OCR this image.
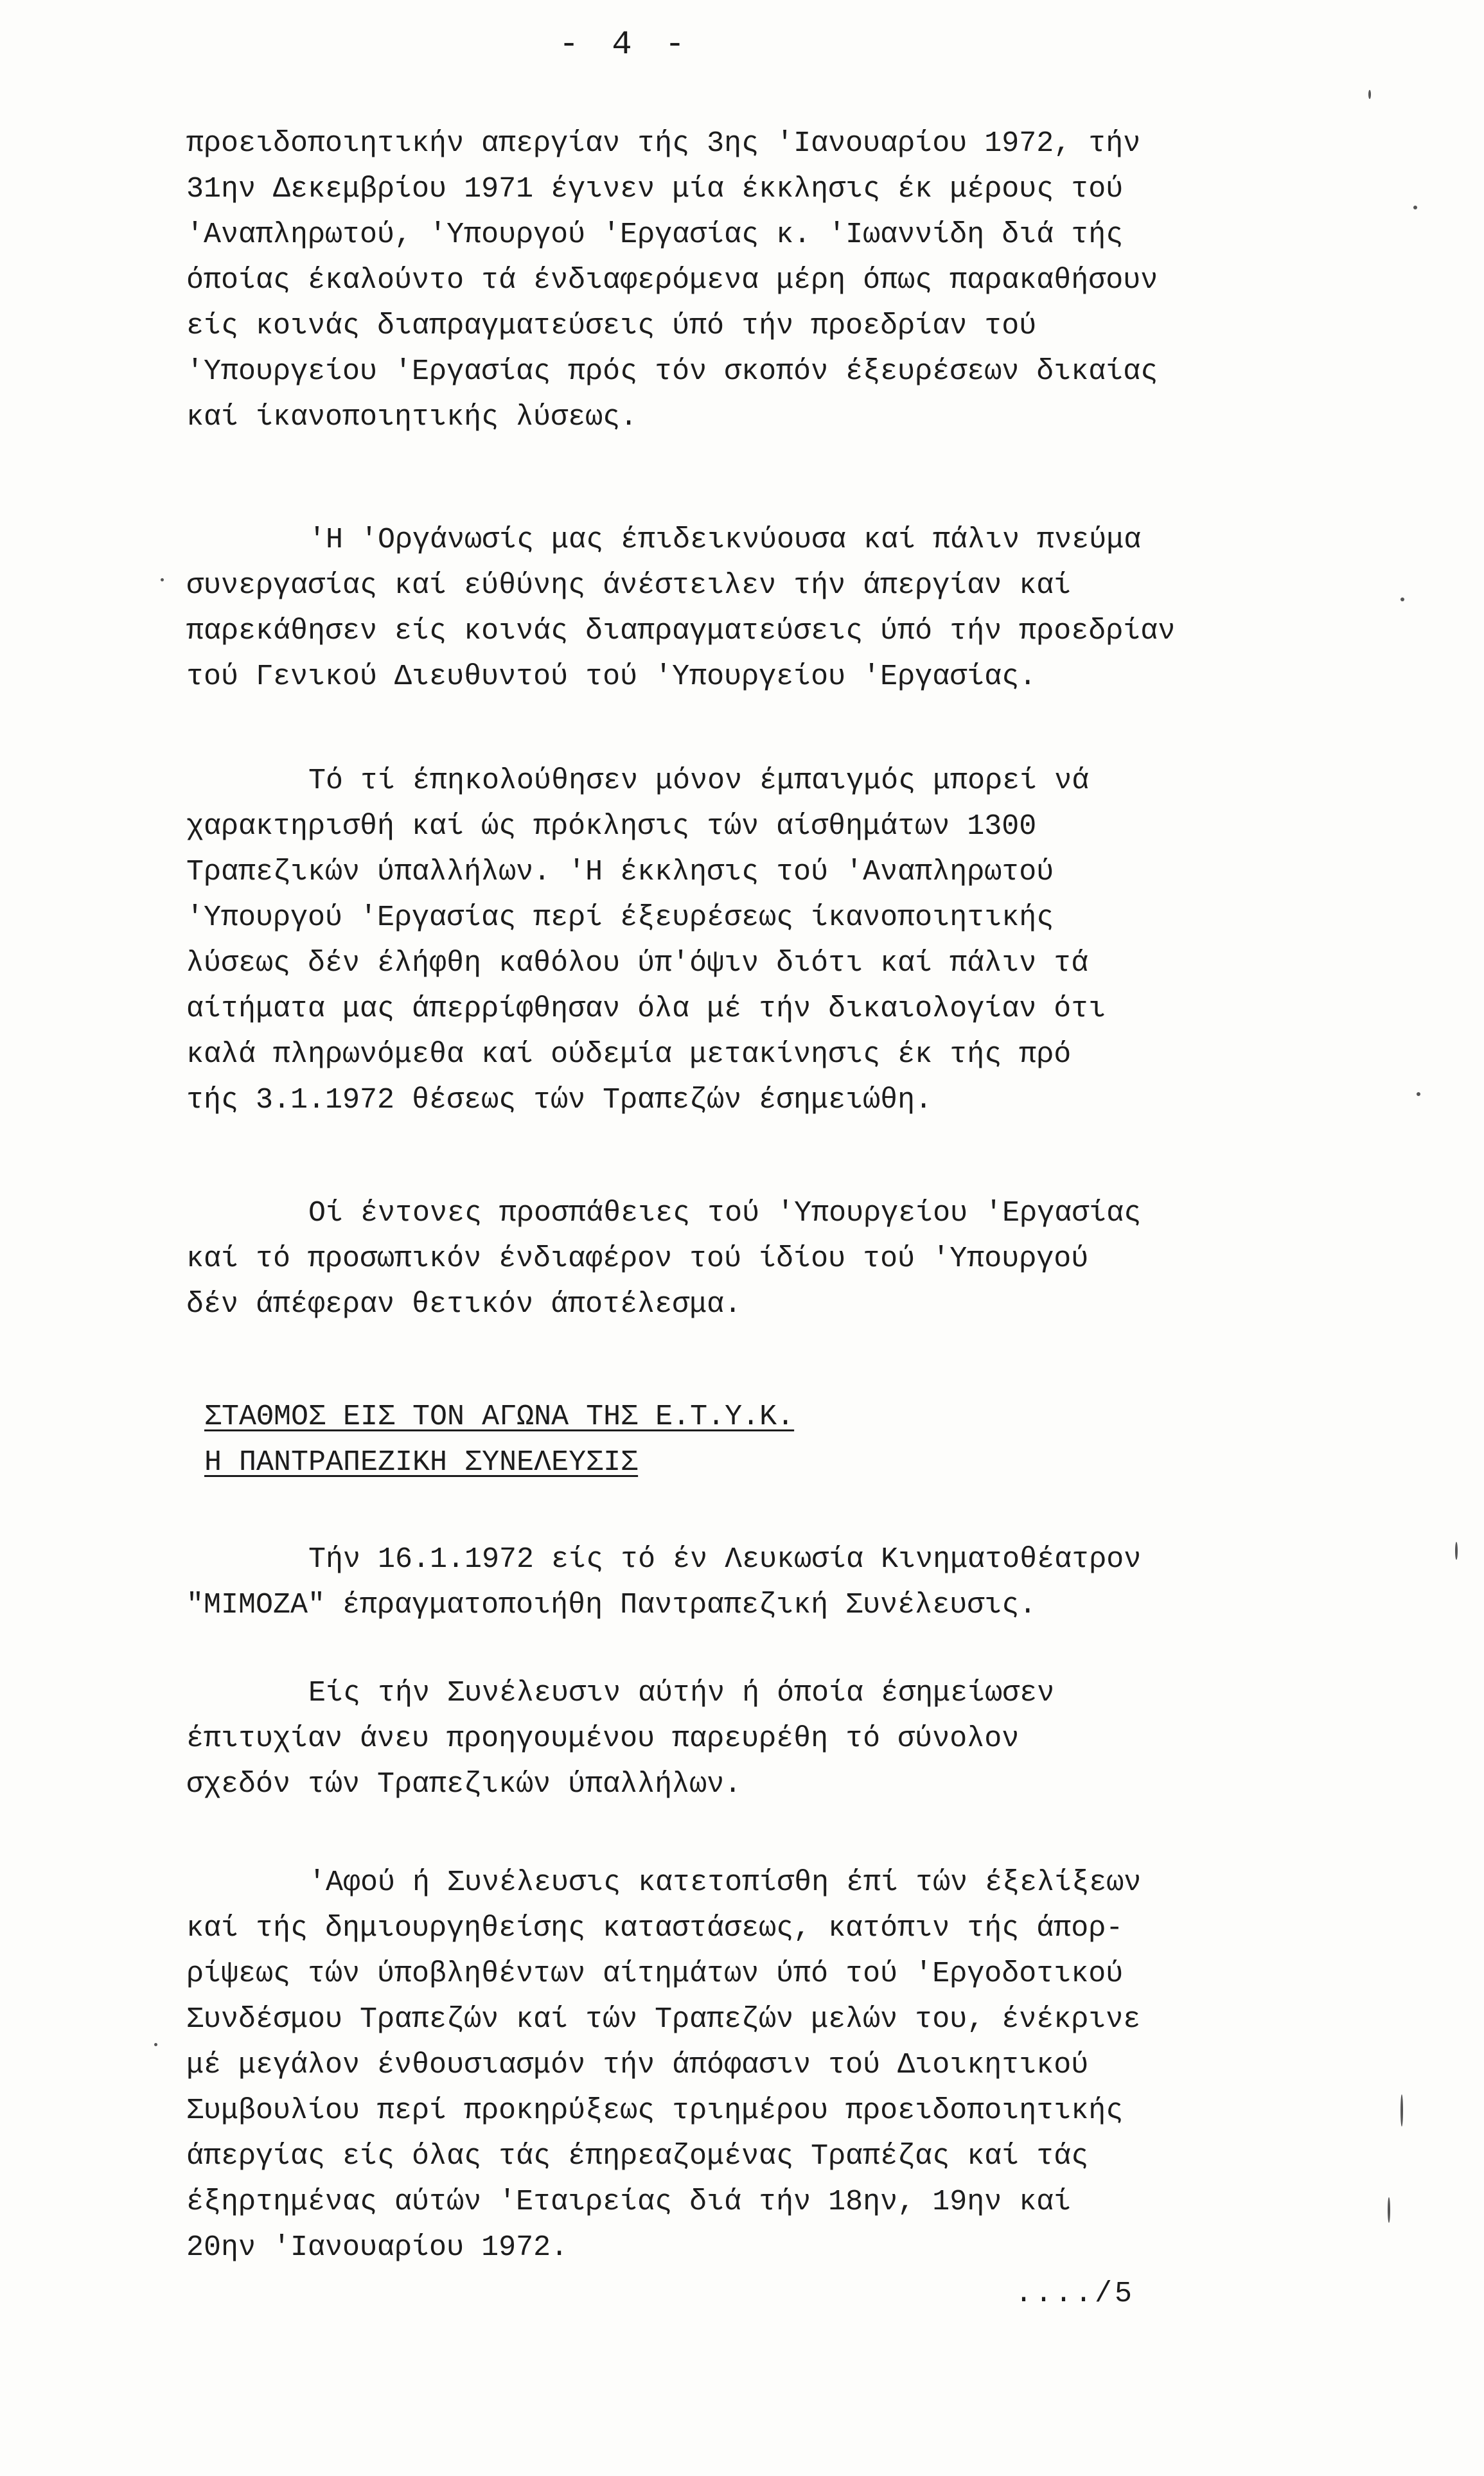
- 4 -
προειδοποιητικήν απεργίαν τής 3ης 'Ιανουαρίου 1972, τήν
31ην Δεκεμβρίου 1971 έγινεν μία έκκλησις έκ μέρους τού
'Αναπληρωτού, 'Υπουργού 'Εργασίας κ. 'Ιωαννίδη διά τής
όποίας έκαλούντο τά ένδιαφερόμενα μέρη όπως παρακαθήσουν
είς κοινάς διαπραγματεύσεις ύπό τήν προεδρίαν τού
'Υπουργείου 'Εργασίας πρός τόν σκοπόν έξευρέσεων δικαίας
καί ίκανοποιητικής λύσεως.
'Η 'Οργάνωσίς μας έπιδεικνύουσα καί πάλιν πνεύμα
συνεργασίας καί εύθύνης άνέστειλεν τήν άπεργίαν καί
παρεκάθησεν είς κοινάς διαπραγματεύσεις ύπό τήν προεδρίαν
τού Γενικού Διευθυντού τού 'Υπουργείου 'Εργασίας.
Τό τί έπηκολούθησεν μόνον έμπαιγμός μπορεί νά
χαρακτηρισθή καί ώς πρόκλησις τών αίσθημάτων 1300
Τραπεζικών ύπαλλήλων. 'Η έκκλησις τού 'Αναπληρωτού
'Υπουργού 'Εργασίας περί έξευρέσεως ίκανοποιητικής
λύσεως δέν έλήφθη καθόλου ύπ'όψιν διότι καί πάλιν τά
αίτήματα μας άπερρίφθησαν όλα μέ τήν δικαιολογίαν ότι
καλά πληρωνόμεθα καί ούδεμία μετακίνησις έκ τής πρό
τής 3.1.1972 θέσεως τών Τραπεζών έσημειώθη.
Οί έντονες προσπάθειες τού 'Υπουργείου 'Εργασίας
καί τό προσωπικόν ένδιαφέρον τού ίδίου τού 'Υπουργού
δέν άπέφεραν θετικόν άποτέλεσμα.
ΣΤΑΘΜΟΣ ΕΙΣ ΤΟΝ ΑΓΩΝΑ ΤΗΣ Ε.Τ.Υ.Κ.
Η ΠΑΝΤΡΑΠΕΖΙΚΗ ΣΥΝΕΛΕΥΣΙΣ
Τήν 16.1.1972 είς τό έν Λευκωσία Κινηματοθέατρον
"ΜΙΜΟΖΑ" έπραγματοποιήθη Παντραπεζική Συνέλευσις.
Είς τήν Συνέλευσιν αύτήν ή όποία έσημείωσεν
έπιτυχίαν άνευ προηγουμένου παρευρέθη τό σύνολον
σχεδόν τών Τραπεζικών ύπαλλήλων.
'Αφού ή Συνέλευσις κατετοπίσθη έπί τών έξελίξεων
καί τής δημιουργηθείσης καταστάσεως, κατόπιν τής άπορ-
ρίψεως τών ύποβληθέντων αίτημάτων ύπό τού 'Εργοδοτικού
Συνδέσμου Τραπεζών καί τών Τραπεζών μελών του, ένέκρινε
μέ μεγάλον ένθουσιασμόν τήν άπόφασιν τού Διοικητικού
Συμβουλίου περί προκηρύξεως τριημέρου προειδοποιητικής
άπεργίας είς όλας τάς έπηρεαζομένας Τραπέζας καί τάς
έξηρτημένας αύτών 'Εταιρείας διά τήν 18ην, 19ην καί
20ην 'Ιανουαρίου 1972.
..../5
